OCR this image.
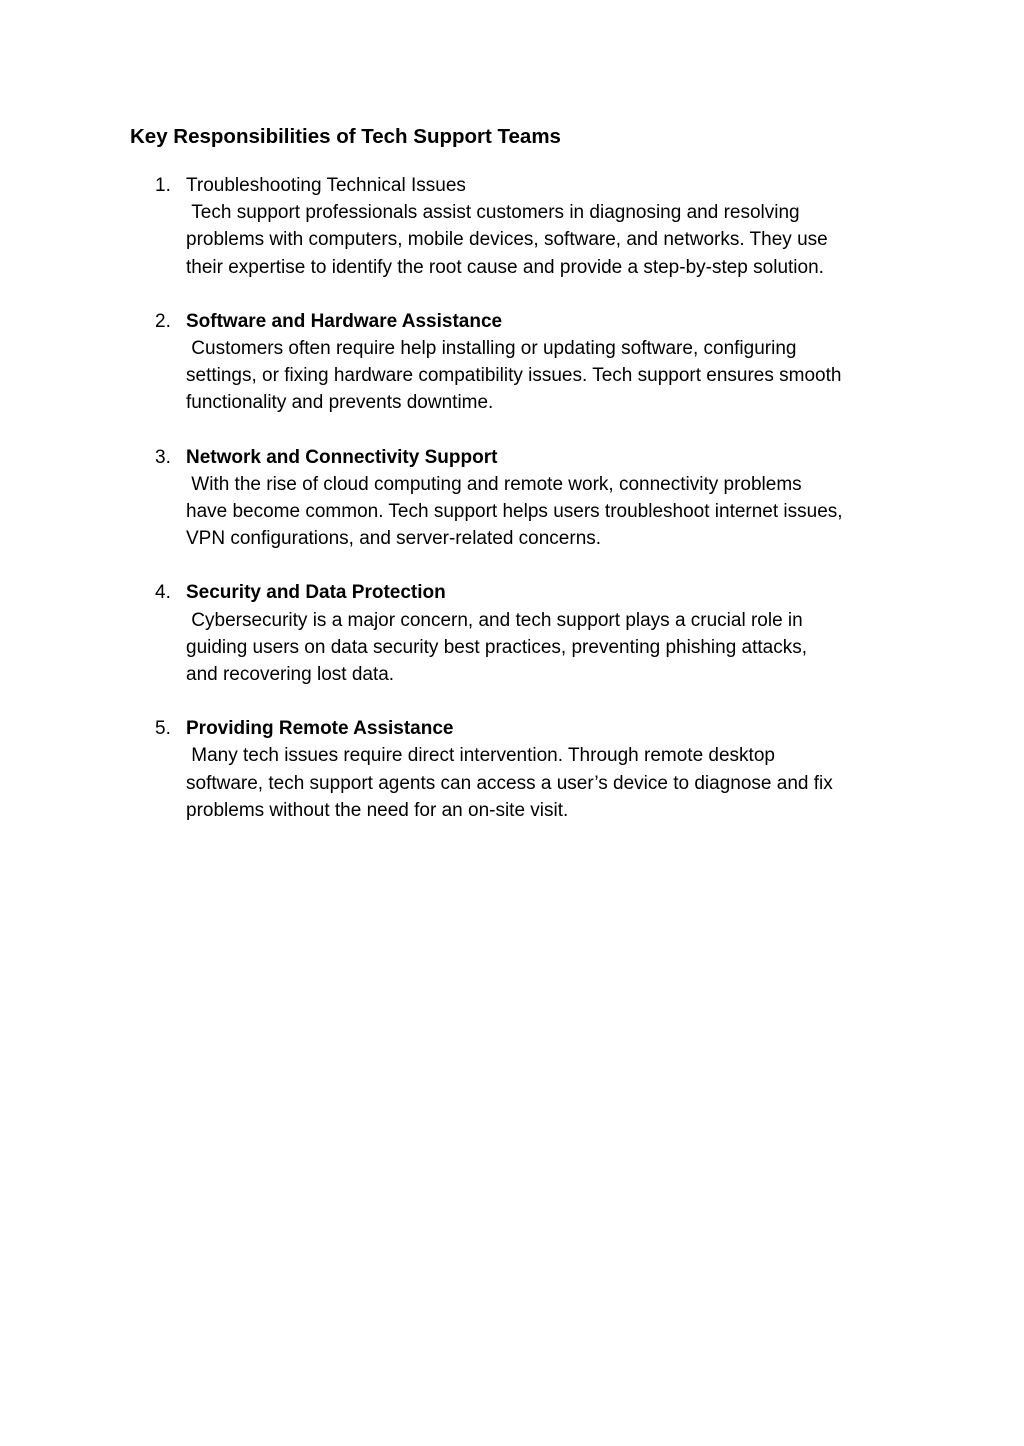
Key Responsibilities of Tech Support Teams
1. Troubleshooting Technical Issues
Tech support professionals assist customers in diagnosing and resolving
problems with computers, mobile devices, software, and networks. They use
their expertise to identify the root cause and provide a step-by-step solution.
2. Software and Hardware Assistance
Customers often require help installing or updating software, configuring
settings, or fixing hardware compatibility issues. Tech support ensures smooth
functionality and prevents downtime.
3. Network and Connectivity Support
With the rise of cloud computing and remote work, connectivity problems
have become common. Tech support helps users troubleshoot internet issues,
VPN configurations, and server-related concerns.
4. Security and Data Protection
Cybersecurity is a major concern, and tech support plays a crucial role in
guiding users on data security best practices, preventing phishing attacks,
and recovering lost data.
5. Providing Remote Assistance
Many tech issues require direct intervention. Through remote desktop
software, tech support agents can access a user’s device to diagnose and fix
problems without the need for an on-site visit.
